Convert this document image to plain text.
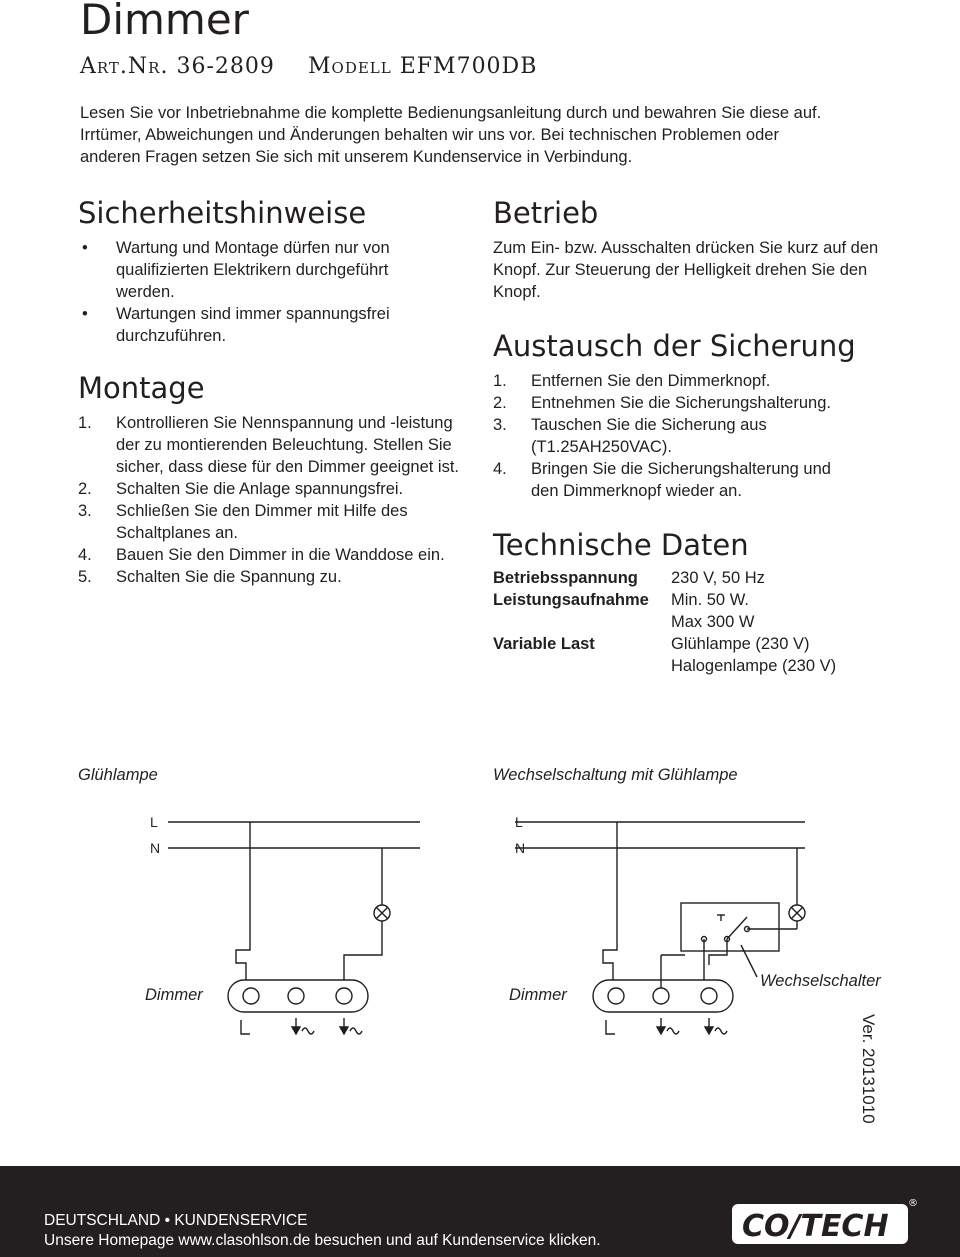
Dimmer
Art.Nr. 36-2809 Modell EFM700DB

Lesen Sie vor Inbetriebnahme die komplette Bedienungsanleitung durch und bewahren Sie diese auf.

Irrtümer, Abweichungen und Änderungen behalten wir uns vor. Bei technischen Problemen oder

anderen Fragen setzen Sie sich mit unserem Kundenservice in Verbindung.

Sicherheitshinweise
• Wartung und Montage dürfen nur von qualifizierten Elektrikern durchgeführt werden.
• Wartungen sind immer spannungsfrei durchzuführen.
Montage
1. Kontrollieren Sie Nennspannung und -leistung der zu montierenden Beleuchtung. Stellen Sie sicher, dass diese für den Dimmer geeignet ist.
2. Schalten Sie die Anlage spannungsfrei.
3. Schließen Sie den Dimmer mit Hilfe des Schaltplanes an.
4. Bauen Sie den Dimmer in die Wanddose ein.
5. Schalten Sie die Spannung zu.
Betrieb

Zum Ein- bzw. Ausschalten drücken Sie kurz auf den Knopf. Zur Steuerung der Helligkeit drehen Sie den Knopf.

Austausch der Sicherung
1. Entfernen Sie den Dimmerknopf.
2. Entnehmen Sie die Sicherungshalterung.
3. Tauschen Sie die Sicherung aus (T1.25AH250VAC).
4. Bringen Sie die Sicherungshalterung und den Dimmerknopf wieder an.
Technische Daten
Betriebsspannung	230 V, 50 Hz
Leistungsaufnahme	Min. 50 W.
	Max 300 W
Variable Last	Glühlampe (230 V)
	Halogenlampe (230 V)
Glühlampe	Wechselschaltung mit Glühlampe
L
N
Dimmer
L
N
Dimmer
Wechselschalter
Ver. 20131010
DEUTSCHLAND • KUNDENSERVICE
Unsere Homepage www.clasohlson.de besuchen und auf Kundenservice klicken.	CO/TECH
®
